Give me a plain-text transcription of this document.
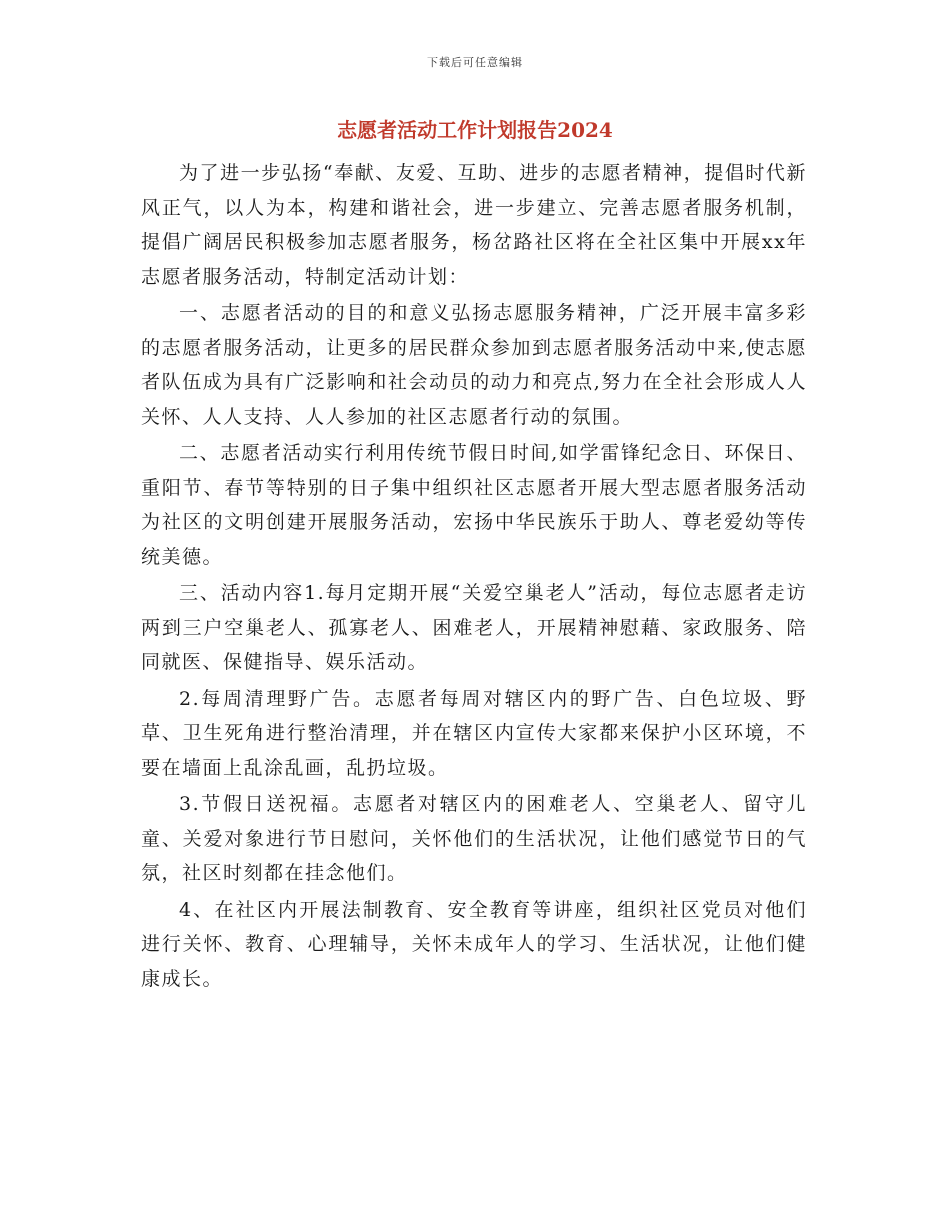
下载后可任意编辑
志愿者活动工作计划报告2024

为了进一步弘扬“奉献、友爱、互助、进步的志愿者精神，提倡时代新风正气，以人为本，构建和谐社会，进一步建立、完善志愿者服务机制，提倡广阔居民积极参加志愿者服务，杨岔路社区将在全社区集中开展xx年志愿者服务活动，特制定活动计划：

一、志愿者活动的目的和意义弘扬志愿服务精神，广泛开展丰富多彩的志愿者服务活动，让更多的居民群众参加到志愿者服务活动中来,使志愿者队伍成为具有广泛影响和社会动员的动力和亮点,努力在全社会形成人人关怀、人人支持、人人参加的社区志愿者行动的氛围。

二、志愿者活动实行利用传统节假日时间,如学雷锋纪念日、环保日、重阳节、春节等特别的日子集中组织社区志愿者开展大型志愿者服务活动为社区的文明创建开展服务活动，宏扬中华民族乐于助人、尊老爱幼等传统美德。

三、活动内容1.每月定期开展“关爱空巢老人”活动，每位志愿者走访两到三户空巢老人、孤寡老人、困难老人，开展精神慰藉、家政服务、陪同就医、保健指导、娱乐活动。

2.每周清理野广告。志愿者每周对辖区内的野广告、白色垃圾、野草、卫生死角进行整治清理，并在辖区内宣传大家都来保护小区环境，不要在墙面上乱涂乱画，乱扔垃圾。

3.节假日送祝福。志愿者对辖区内的困难老人、空巢老人、留守儿童、关爱对象进行节日慰问，关怀他们的生活状况，让他们感觉节日的气氛，社区时刻都在挂念他们。

4、在社区内开展法制教育、安全教育等讲座，组织社区党员对他们进行关怀、教育、心理辅导，关怀未成年人的学习、生活状况，让他们健康成长。
